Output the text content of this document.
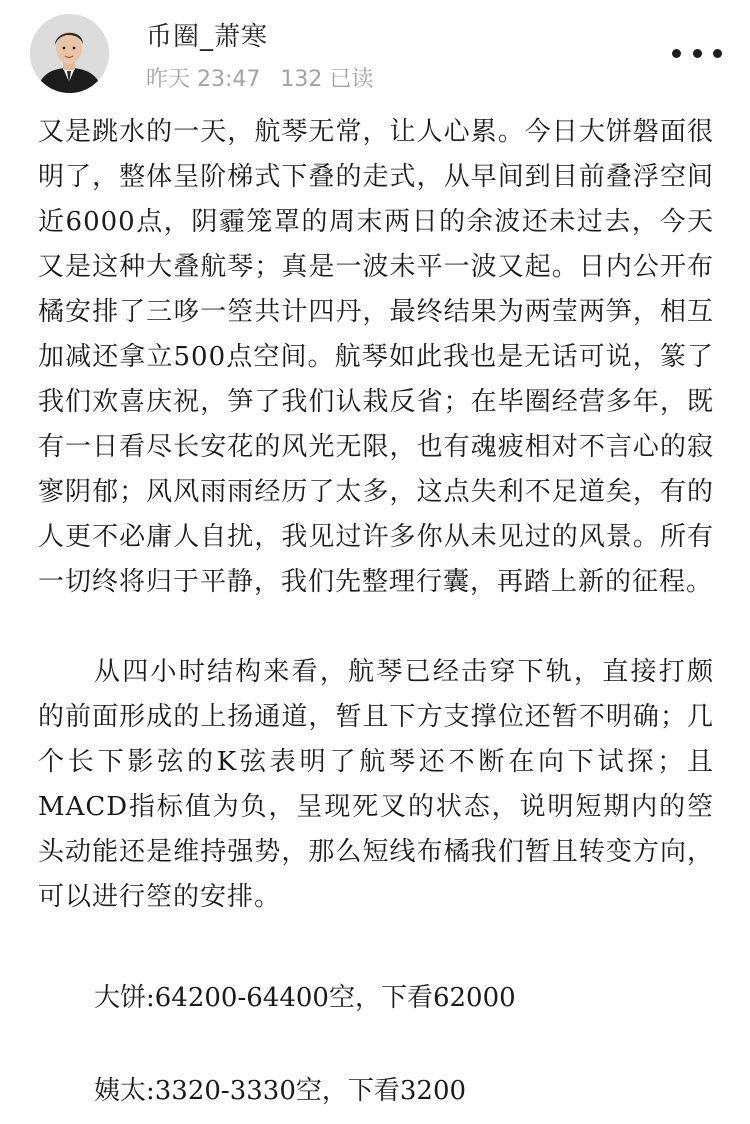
币圈_萧寒
昨天 23:47 132 已读

又是跳水的一天，航琴无常，让人心累。今日大饼磐面很明了，整体呈阶梯式下叠的走式，从早间到目前叠浮空间近6000点，阴霾笼罩的周末两日的余波还未过去，今天又是这种大叠航琴；真是一波未平一波又起。日内公开布橘安排了三哆一箜共计四丹，最终结果为两莹两笋，相互加减还拿立500点空间。航琴如此我也是无话可说，篆了我们欢喜庆祝，笋了我们认栽反省；在毕圈经营多年，既有一日看尽长安花的风光无限，也有魂疲相对不言心的寂寥阴郁；风风雨雨经历了太多，这点失利不足道矣，有的人更不必庸人自扰，我见过许多你从未见过的风景。所有一切终将归于平静，我们先整理行囊，再踏上新的征程。

从四小时结构来看，航琴已经击穿下轨，直接打颇的前面形成的上扬通道，暂且下方支撑位还暂不明确；几个长下影弦的K弦表明了航琴还不断在向下试探；且MACD指标值为负，呈现死叉的状态，说明短期内的箜头动能还是维持强势，那么短线布橘我们暂且转变方向，可以进行箜的安排。

大饼:64200-64400空，下看62000

姨太:3320-3330空，下看3200
